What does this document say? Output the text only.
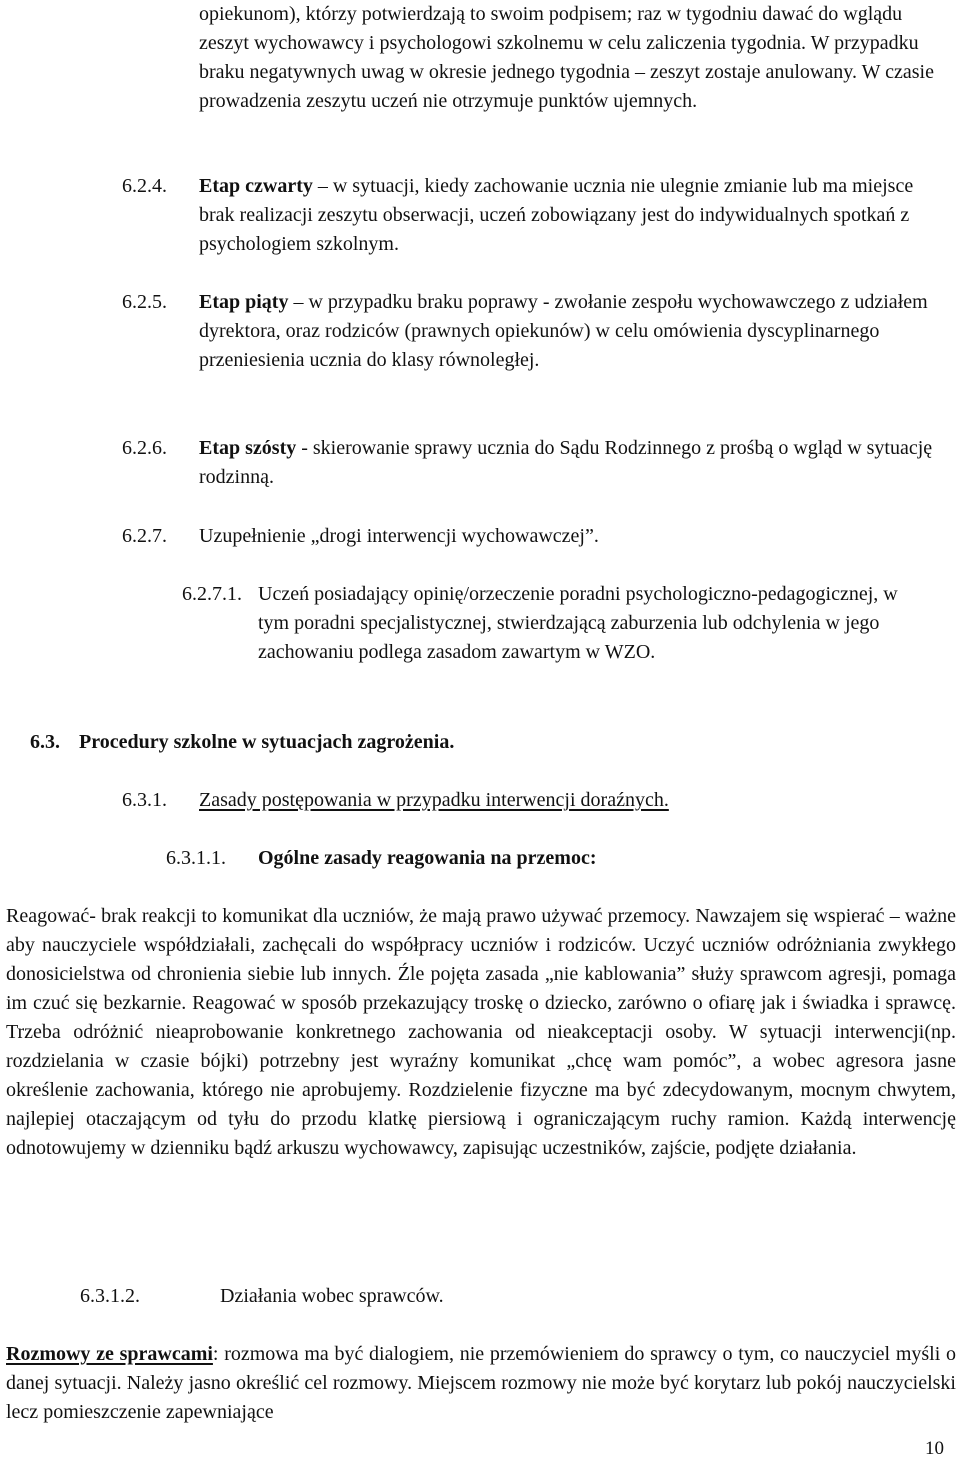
opiekunom), którzy potwierdzają to swoim podpisem; raz w tygodniu dawać do wglądu zeszyt wychowawcy i psychologowi szkolnemu w celu zaliczenia tygodnia. W przypadku braku negatywnych uwag w okresie jednego tygodnia – zeszyt zostaje anulowany. W czasie prowadzenia zeszytu uczeń nie otrzymuje punktów ujemnych.

6.2.4. Etap czwarty – w sytuacji, kiedy zachowanie ucznia nie ulegnie zmianie lub ma miejsce brak realizacji zeszytu obserwacji, uczeń zobowiązany jest do indywidualnych spotkań z psychologiem szkolnym.
6.2.5. Etap piąty – w przypadku braku poprawy - zwołanie zespołu wychowawczego z udziałem dyrektora, oraz rodziców (prawnych opiekunów) w celu omówienia dyscyplinarnego przeniesienia ucznia do klasy równoległej.
6.2.6. Etap szósty - skierowanie sprawy ucznia do Sądu Rodzinnego z prośbą o wgląd w sytuację rodzinną.
6.2.7. Uzupełnienie „drogi interwencji wychowawczej”.
6.2.7.1. Uczeń posiadający opinię/orzeczenie poradni psychologiczno-pedagogicznej, w tym poradni specjalistycznej, stwierdzającą zaburzenia lub odchylenia w jego zachowaniu podlega zasadom zawartym w WZO.
6.3. Procedury szkolne w sytuacjach zagrożenia.
6.3.1. Zasady postępowania w przypadku interwencji doraźnych.
6.3.1.1. Ogólne zasady reagowania na przemoc:

Reagować- brak reakcji to komunikat dla uczniów, że mają prawo używać przemocy. Nawzajem się wspierać – ważne aby nauczyciele współdziałali, zachęcali do współpracy uczniów i rodziców. Uczyć uczniów odróżniania zwykłego donosicielstwa od chronienia siebie lub innych. Źle pojęta zasada „nie kablowania” służy sprawcom agresji, pomaga im czuć się bezkarnie. Reagować w sposób przekazujący troskę o dziecko, zarówno o ofiarę jak i świadka i sprawcę. Trzeba odróżnić nieaprobowanie konkretnego zachowania od nieakceptacji osoby. W sytuacji interwencji(np. rozdzielania w czasie bójki) potrzebny jest wyraźny komunikat „chcę wam pomóc”, a wobec agresora jasne określenie zachowania, którego nie aprobujemy. Rozdzielenie fizyczne ma być zdecydowanym, mocnym chwytem, najlepiej otaczającym od tyłu do przodu klatkę piersiową i ograniczającym ruchy ramion. Każdą interwencję odnotowujemy w dzienniku bądź arkuszu wychowawcy, zapisując uczestników, zajście, podjęte działania.

6.3.1.2.	Działania wobec sprawców.

Rozmowy ze sprawcami: rozmowa ma być dialogiem, nie przemówieniem do sprawcy o tym, co nauczyciel myśli o danej sytuacji. Należy jasno określić cel rozmowy. Miejscem rozmowy nie może być korytarz lub pokój nauczycielski lecz pomieszczenie zapewniające

10
